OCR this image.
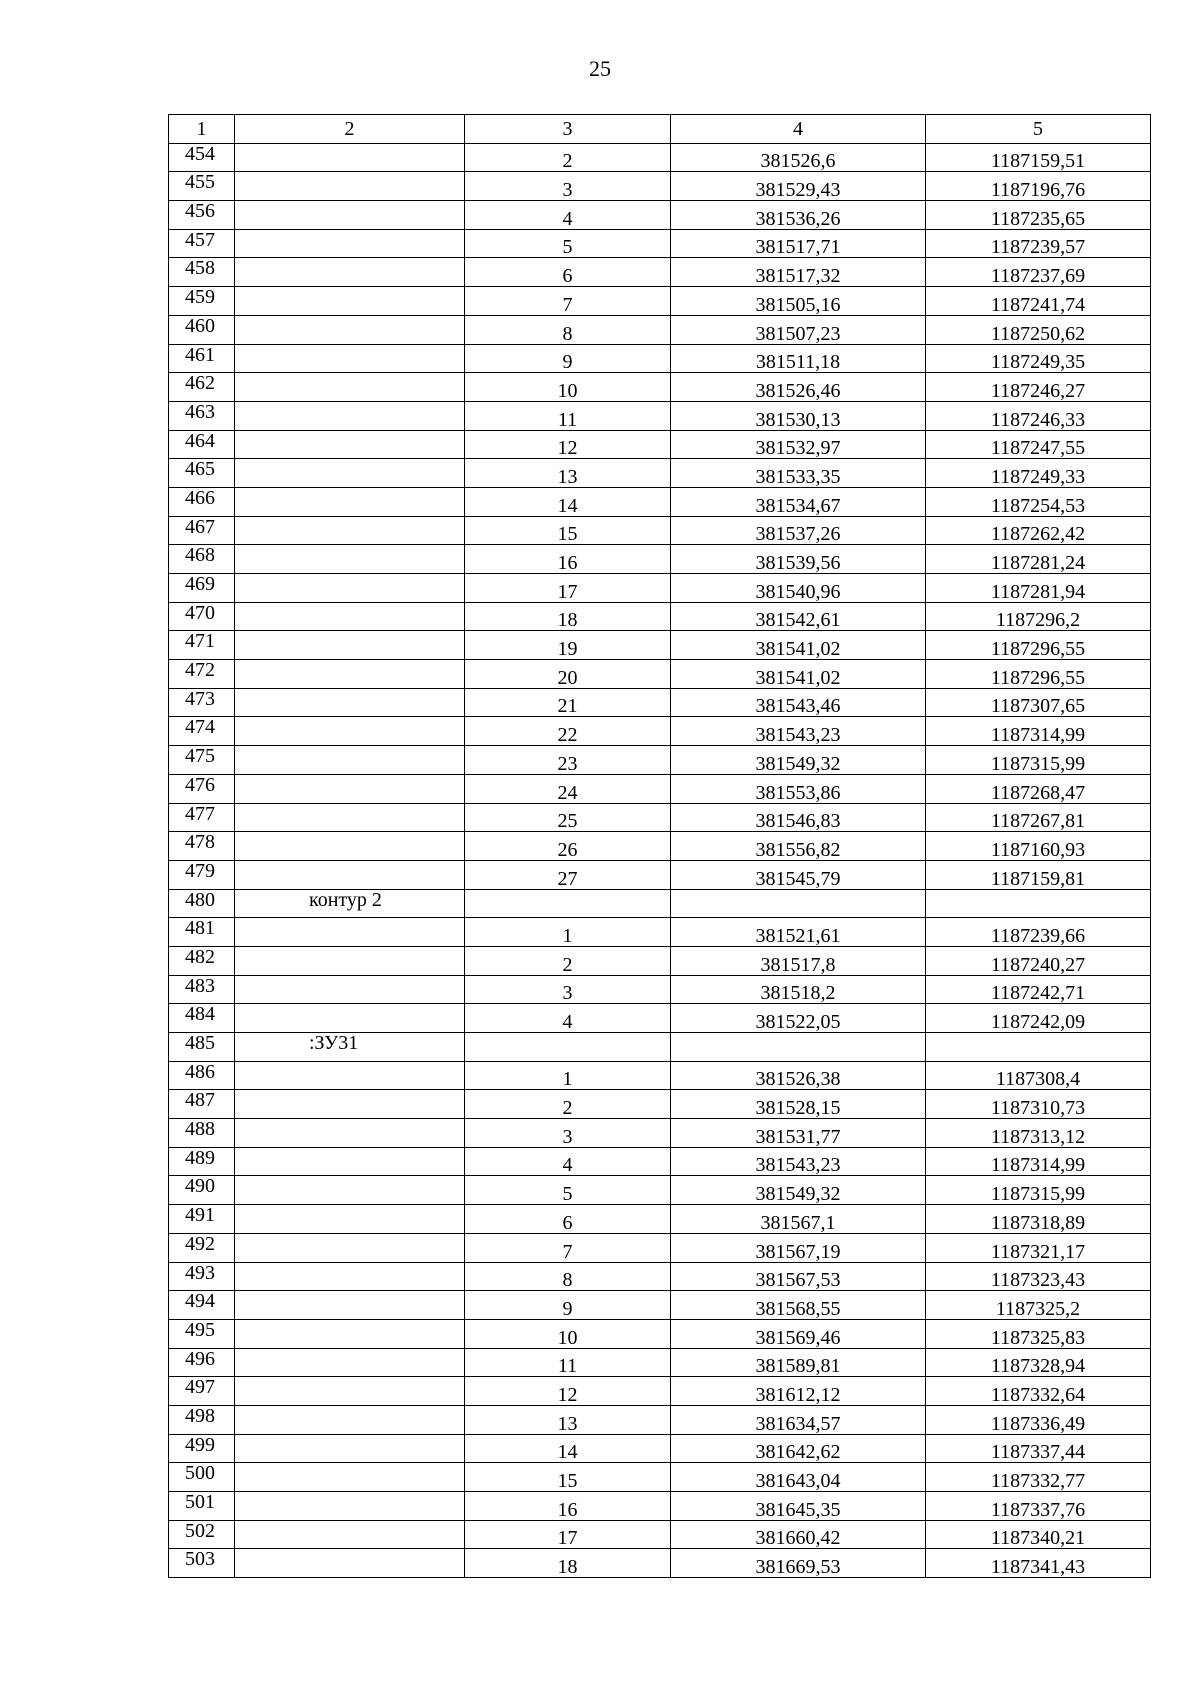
25
1	2	3	4	5
454		2	381526,6	1187159,51
455		3	381529,43	1187196,76
456		4	381536,26	1187235,65
457		5	381517,71	1187239,57
458		6	381517,32	1187237,69
459		7	381505,16	1187241,74
460		8	381507,23	1187250,62
461		9	381511,18	1187249,35
462		10	381526,46	1187246,27
463		11	381530,13	1187246,33
464		12	381532,97	1187247,55
465		13	381533,35	1187249,33
466		14	381534,67	1187254,53
467		15	381537,26	1187262,42
468		16	381539,56	1187281,24
469		17	381540,96	1187281,94
470		18	381542,61	1187296,2
471		19	381541,02	1187296,55
472		20	381541,02	1187296,55
473		21	381543,46	1187307,65
474		22	381543,23	1187314,99
475		23	381549,32	1187315,99
476		24	381553,86	1187268,47
477		25	381546,83	1187267,81
478		26	381556,82	1187160,93
479		27	381545,79	1187159,81
480	контур 2			
481		1	381521,61	1187239,66
482		2	381517,8	1187240,27
483		3	381518,2	1187242,71
484		4	381522,05	1187242,09
485	:ЗУ31			
486		1	381526,38	1187308,4
487		2	381528,15	1187310,73
488		3	381531,77	1187313,12
489		4	381543,23	1187314,99
490		5	381549,32	1187315,99
491		6	381567,1	1187318,89
492		7	381567,19	1187321,17
493		8	381567,53	1187323,43
494		9	381568,55	1187325,2
495		10	381569,46	1187325,83
496		11	381589,81	1187328,94
497		12	381612,12	1187332,64
498		13	381634,57	1187336,49
499		14	381642,62	1187337,44
500		15	381643,04	1187332,77
501		16	381645,35	1187337,76
502		17	381660,42	1187340,21
503		18	381669,53	1187341,43
